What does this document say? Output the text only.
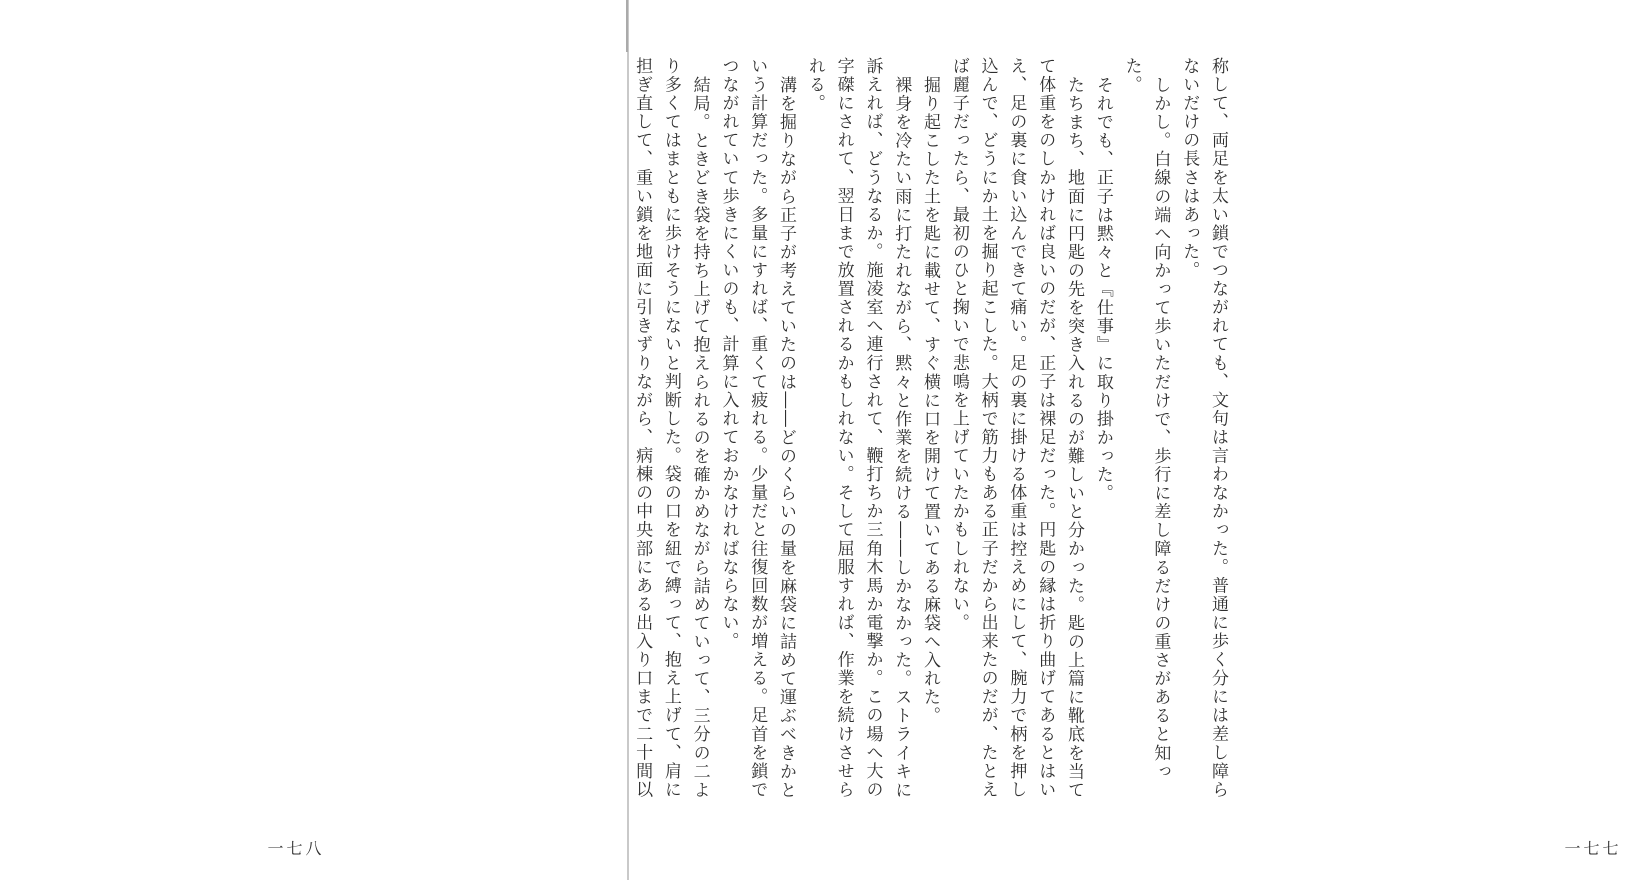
称して、両足を太い鎖でつながれても、文句は言わなかった。普通に歩く分には差し障らないだけの長さはあった。

しかし。白線の端へ向かって歩いただけで、歩行に差し障るだけの重さがあると知った。

それでも、正子は黙々と『仕事』に取り掛かった。

たちまち、地面に円匙の先を突き入れるのが難しいと分かった。匙の上篇に靴底を当てて体重をのしかければ良いのだが、正子は裸足だった。円匙の縁は折り曲げてあるとはいえ、足の裏に食い込んできて痛い。足の裏に掛ける体重は控えめにして、腕力で柄を押し込んで、どうにか土を掘り起こした。大柄で筋力もある正子だから出来たのだが、たとえば麗子だったら、最初のひと掬いで悲鳴を上げていたかもしれない。

掘り起こした土を匙に載せて、すぐ横に口を開けて置いてある麻袋へ入れた。

裸身を冷たい雨に打たれながら、黙々と作業を続ける――しかなかった。ストライキに訴えれば、どうなるか。施凌室へ連行されて、鞭打ちか三角木馬か電撃か。この場へ大の字磔にされて、翌日まで放置されるかもしれない。そして屈服すれば、作業を続けさせられる。

溝を掘りながら正子が考えていたのは――どのくらいの量を麻袋に詰めて運ぶべきかという計算だった。多量にすれば、重くて疲れる。少量だと往復回数が増える。足首を鎖でつながれていて歩きにくいのも、計算に入れておかなければならない。

結局。ときどき袋を持ち上げて抱えられるのを確かめながら詰めていって、三分の二より多くてはまともに歩けそうにないと判断した。袋の口を紐で縛って、抱え上げて、肩に担ぎ直して、重い鎖を地面に引きずりながら、病棟の中央部にある出入り口まで二十間以

一七七

一七八
